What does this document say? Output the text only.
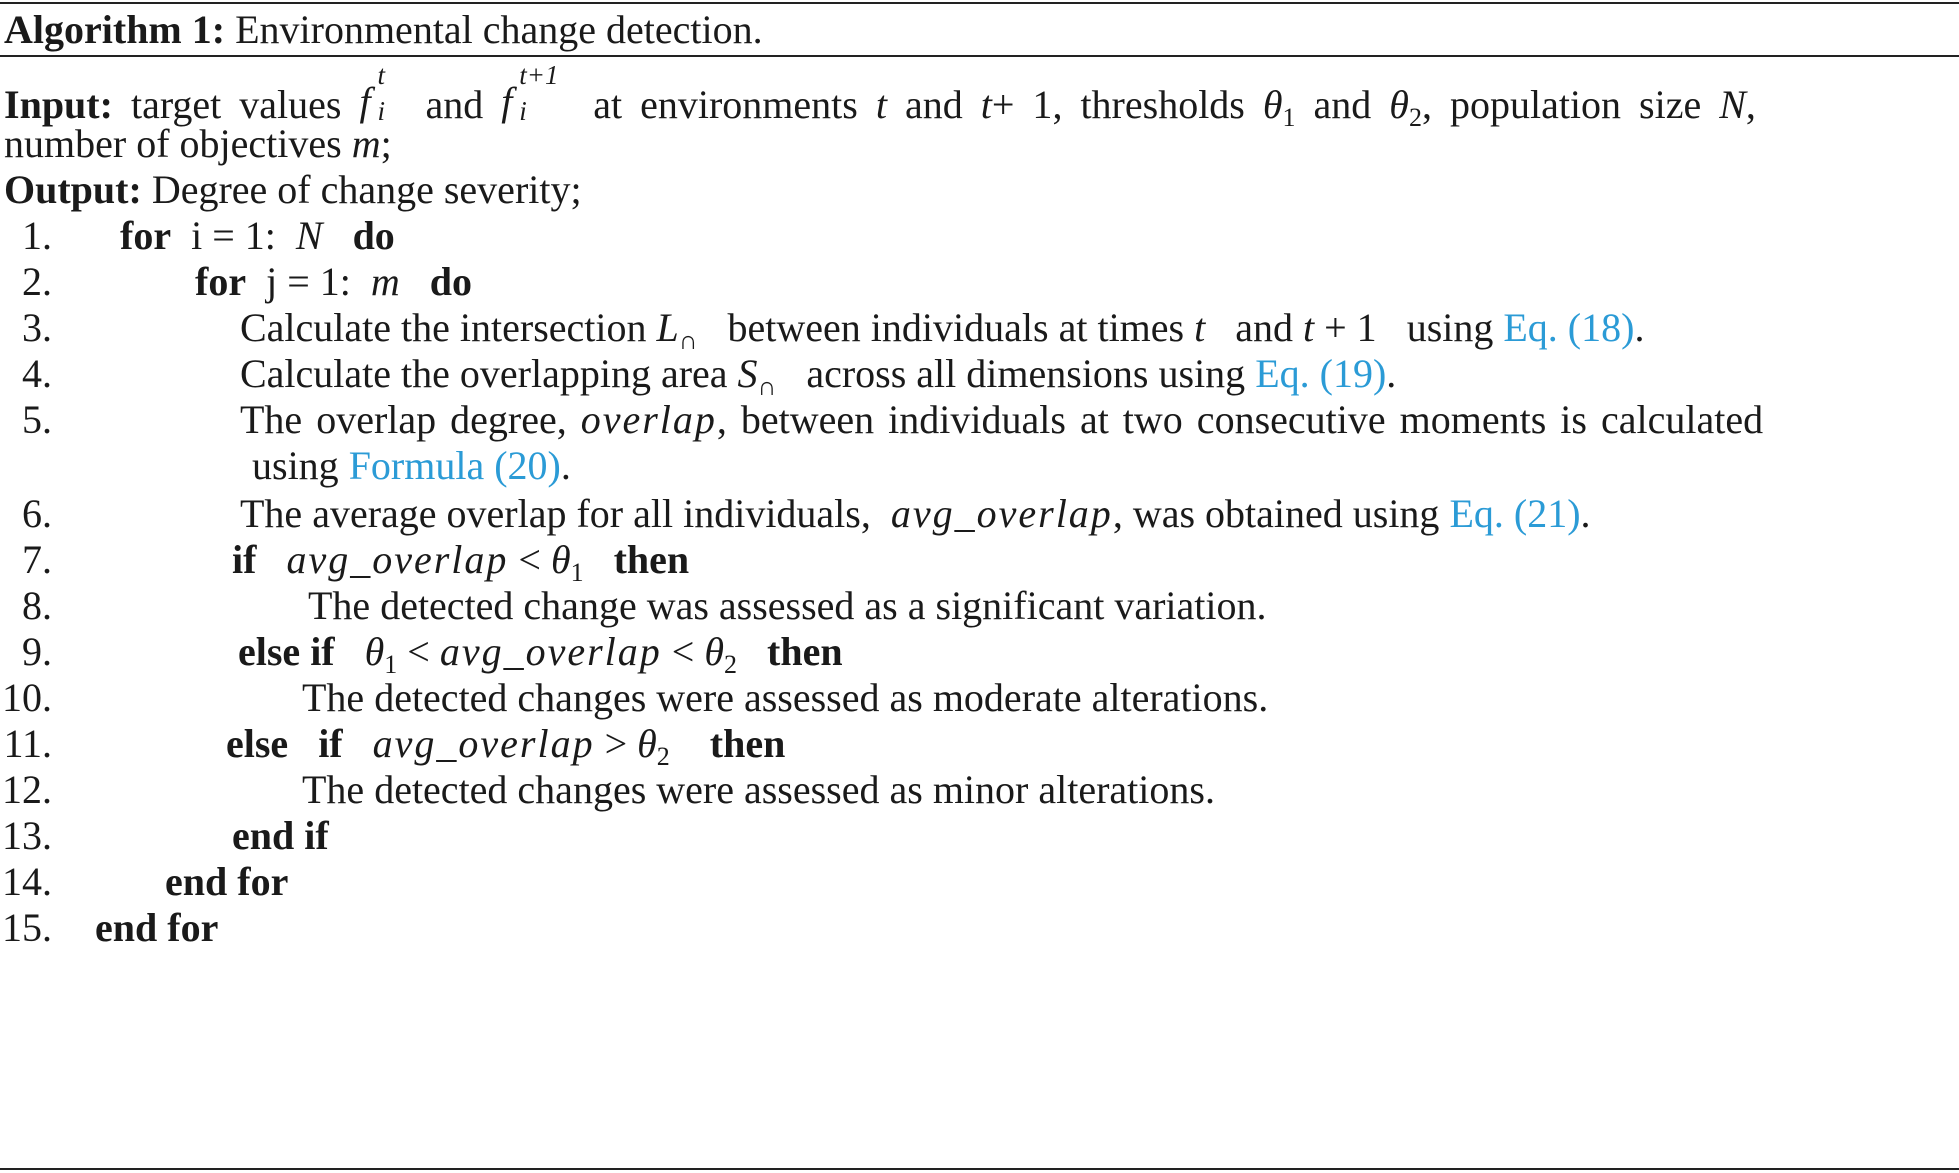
Algorithm 1: Environmental change detection.
Input: target values f
t
i and f
t+1
i at environments t and t+ 1, thresholds $\theta_1$ and $\theta_2$, population size N,
number of objectives m;
Output: Degree of change severity;
1. for i = 1: N do
2.	for j = 1: m do
3.	Calculate the intersection $L_\cap$ between individuals at times t and t + 1 using Eq. (18).
4.	Calculate the overlapping area $S_\cap$ across all dimensions using Eq. (19).
5.	The overlap degree, overlap, between individuals at two consecutive moments is calculated
using Formula (20).
6.	The average overlap for all individuals, avg_overlap, was obtained using Eq. (21).
7.	if avg_overlap < $\theta_1$ then
8.	The detected change was assessed as a significant variation.
9.	else if $\theta_1$ < avg_overlap < $\theta_2$ then
10.	The detected changes were assessed as moderate alterations.
11.	else if avg_overlap > $\theta_2$ then
12.	The detected changes were assessed as minor alterations.
13.	end if
14.	end for
15. end for
